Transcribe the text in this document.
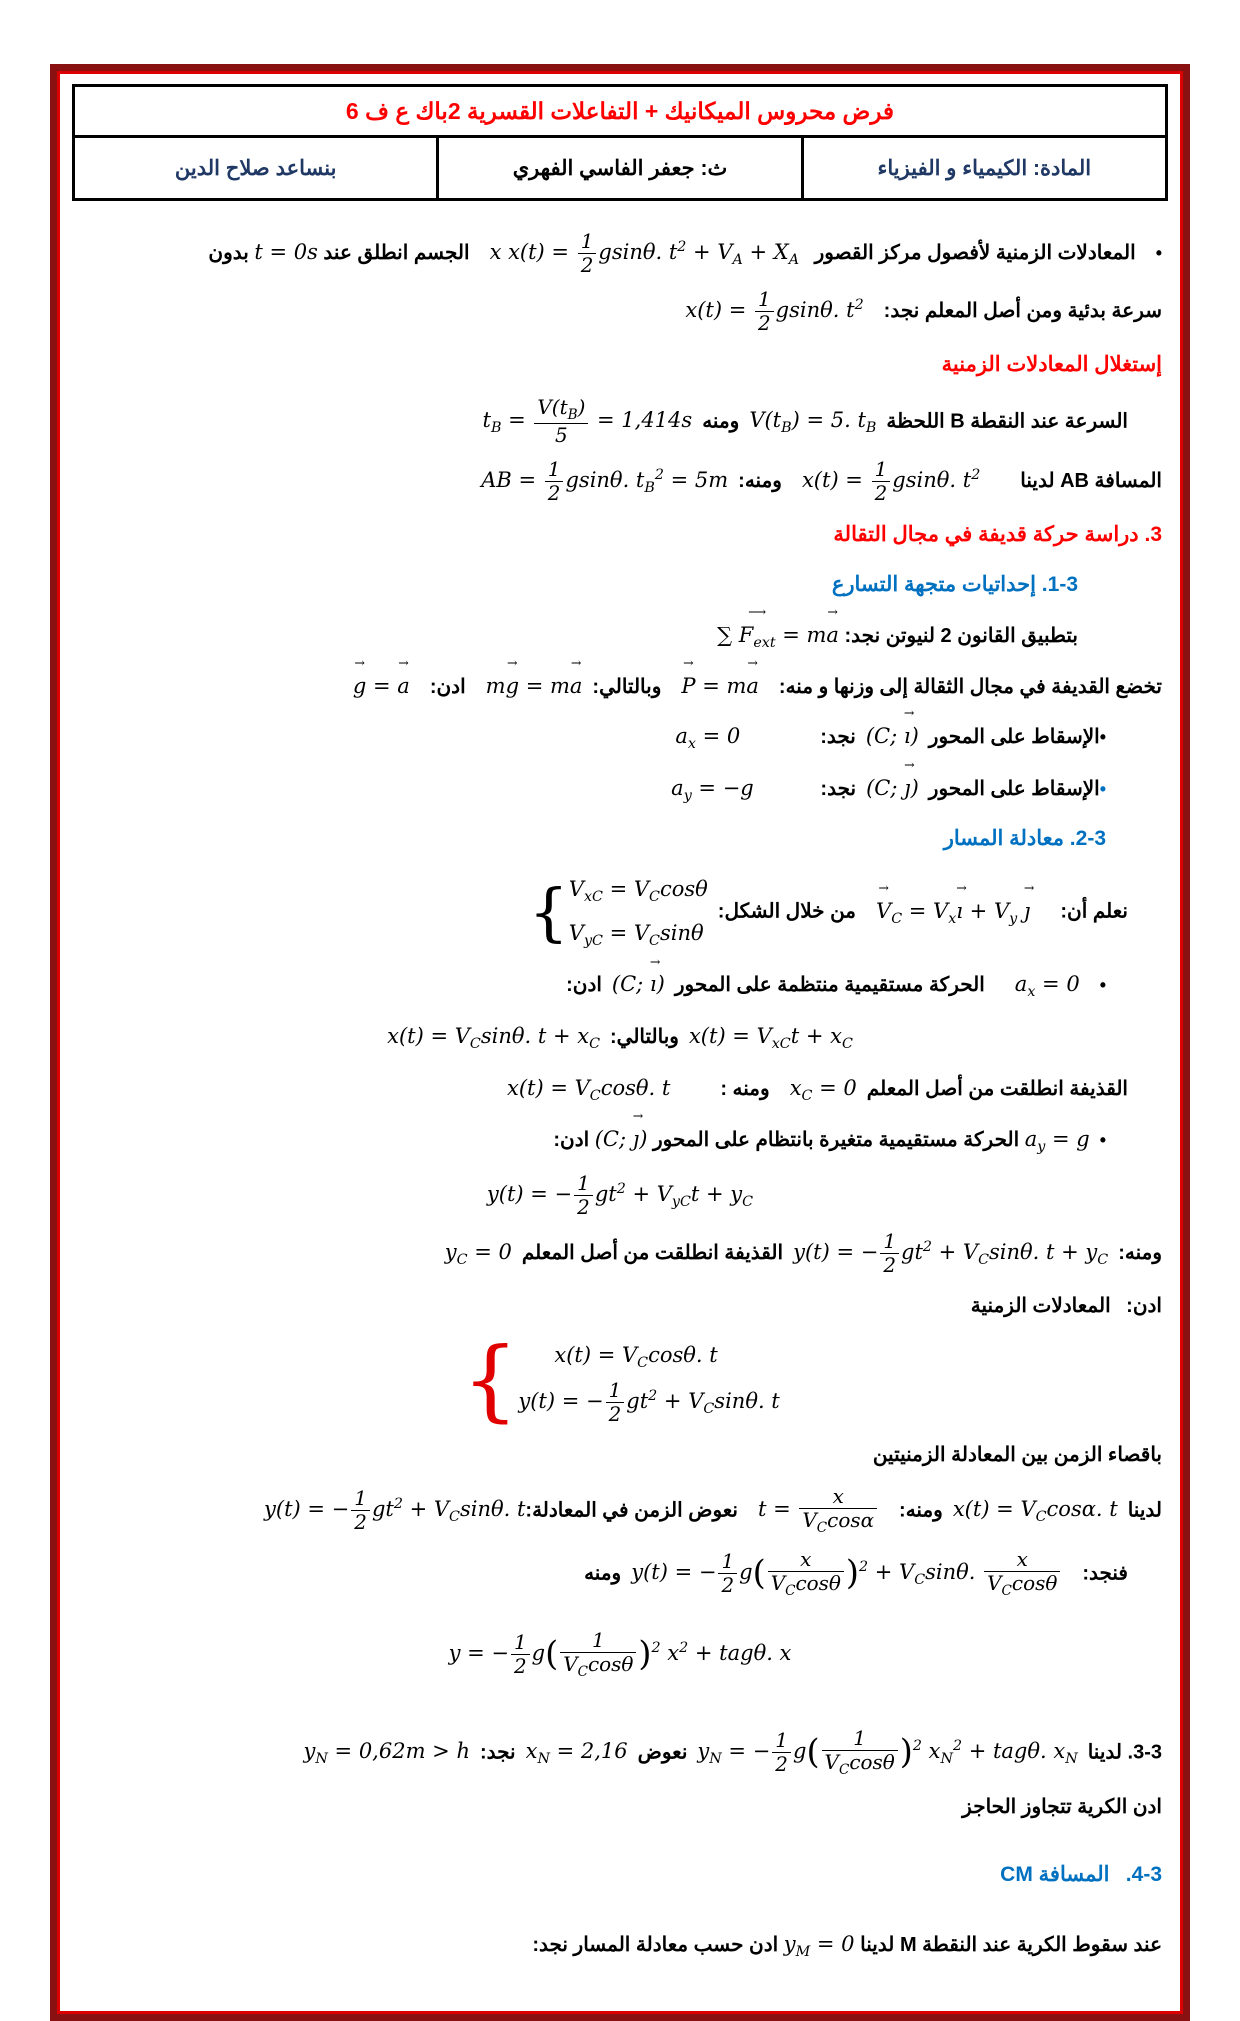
فرض محروس الميكانيك + التفاعلات القسرية 2باك ع ف 6
المادة: الكيمياء و الفيزياء	ث: جعفر الفاسي الفهري	بنساعد صلاح الدين
• المعادلات الزمنية لأفصول مركز القصور  $x(t) = \frac{1}{2} gsin\theta$. $t^2 + V_A + X_A$ x الجسم انطلق عند t = 0s بدون
سرعة بدئية ومن أصل المعلم نجد: $x(t) = \frac{1}{2} gsin\theta$. $t^2$  
إستغلال المعادلات الزمنية
السرعة عند النقطة B اللحظة $V(t_B) = 5$. $t_B$ ومنه $t_B = \frac{V(t_B)}{5} = 1,414s$
المسافة AB لدينا  $x(t) = \frac{1}{2} gsin\theta$. $t^2$ ومنه: AB = $\frac{1}{2} gsin\theta$. $t_B^2 = 5m$
3. دراسة حركة قديفة في مجال التقالة
1-3. إحداتيات متجهة التسارع
بتطبيق القانون 2 لنيوتن نجد: ∑ $F_{ext}$ ⟶ = ma →
تخضع القديفة في مجال الثقالة إلى وزنها و منه: P → = ma → وبالتالي: mg → = ma → ادن: g → = a →
•الإسقاط على المحور (C; ı →) نجد:    $a_x = 0$   
•الإسقاط على المحور (C; ȷ →) نجد:    $a_y = -g$   
2-3. معادلة المسار
نعلم أن:  $V \to_C$ = $V_xı$ → + $V_y$ ȷ → من خلال الشكل: 
{ $V_{xC} = V_C\cos\theta$
$V_{yC} = V_C\sin\theta$
• $a_x = 0$  الحركة مستقيمية منتظمة على المحور (C; ı →) ادن:
$x(t) = V_{xC}t + x_C$ وبالتالي: $x(t) = V_C\sin\theta$. $t + x_C$
القذيفة انطلقت من أصل المعلم $x_C = 0$ ومنه :   $x(t) = V_C\cos\theta$. t  
• $a_y = g$ الحركة مستقيمية متغيرة بانتظام على المحور (C; ȷ →) ادن:
y(t) = − $\frac{1}{2} gt^2 + V_{yC}t + y_C$
ومنه: y(t) = − $\frac{1}{2} gt^2 + V_C\sin\theta$. $t + y_C$ القذيفة انطلقت من أصل المعلم $y_C = 0$
ادن:  المعادلات الزمنية
{ $x(t) = V_C\cos\theta$. t
y(t) = − $\frac{1}{2} gt^2 + V_C\sin\theta$. t
باقصاء الزمن بين المعادلة الزمنيتين
لدينا $x(t) = V_C\cos\alpha$. t ومنه: $t = \frac{x}{V_C\cos\alpha}$
 نعوض الزمن في المعادلة:y(t) = − $\frac{1}{2} gt^2 + V_C\sin\theta$. t
فنجد: y(t) = − $\frac{1}{2} g( \frac{x}{V_C\cos\theta} )^2 + V_C\sin\theta$. $\frac{x}{V_C\cos\theta}$
 ومنه
y = − $\frac{1}{2} g( \frac{1}{V_C\cos\theta} )^2$ $x^2 + tag\theta$. x
3-3. لدينا $y_N$ = − $\frac{1}{2} g( \frac{1}{V_C\cos\theta} )^2$ $x_N^2 + tag\theta$. $x_N$ نعوض $x_N = 2,16$ نجد: $y_N = 0,62m > h$
ادن الكرية تتجاوز الحاجز
4-3.  المسافة CM
عند سقوط الكرية عند النقطة M لدينا $y_M = 0$ ادن حسب معادلة المسار نجد:
